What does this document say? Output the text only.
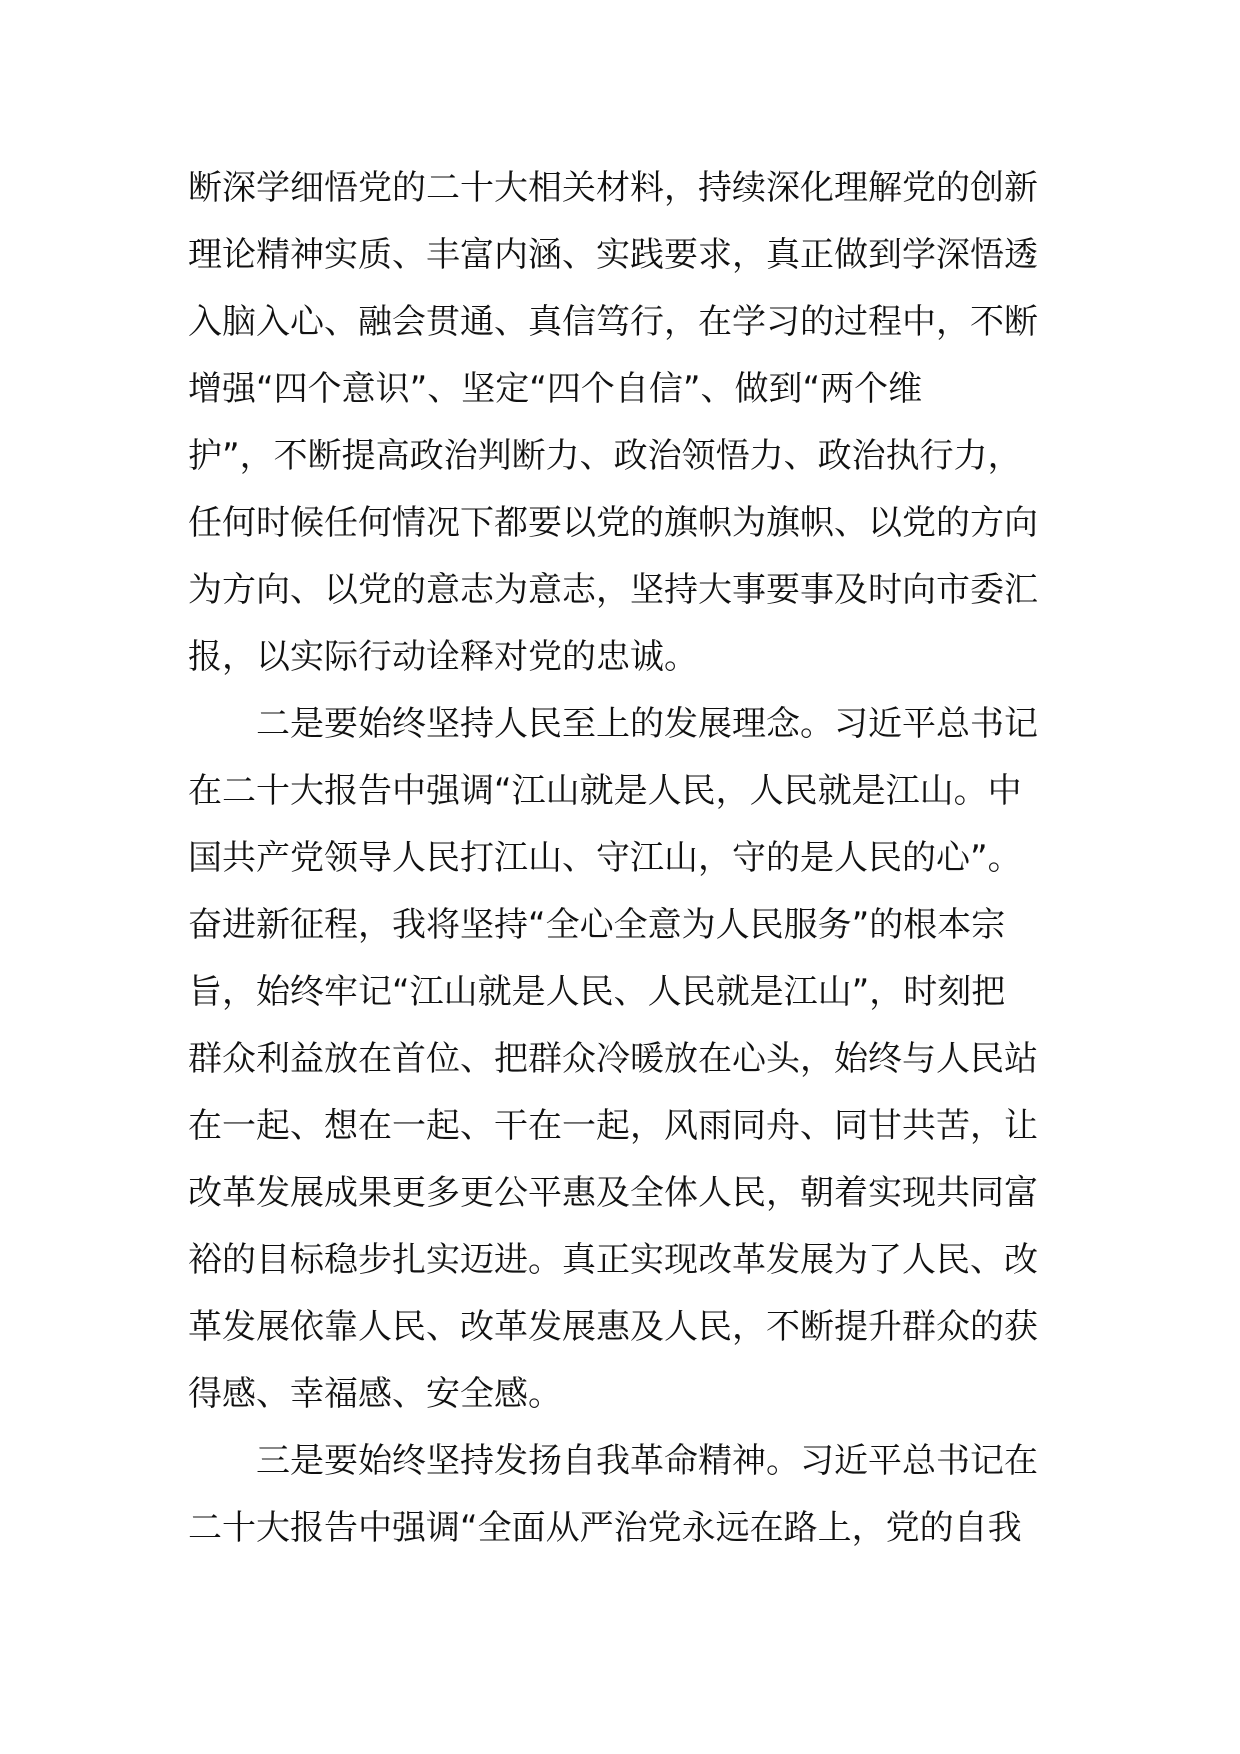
断深学细悟党的二十大相关材料，持续深化理解党的创新
理论精神实质、丰富内涵、实践要求，真正做到学深悟透
入脑入心、融会贯通、真信笃行，在学习的过程中，不断
增强“四个意识”、坚定“四个自信”、做到“两个维
护”，不断提高政治判断力、政治领悟力、政治执行力，
任何时候任何情况下都要以党的旗帜为旗帜、以党的方向
为方向、以党的意志为意志，坚持大事要事及时向市委汇
报，以实际行动诠释对党的忠诚。
二是要始终坚持人民至上的发展理念。习近平总书记
在二十大报告中强调“江山就是人民，人民就是江山。中
国共产党领导人民打江山、守江山，守的是人民的心”。
奋进新征程，我将坚持“全心全意为人民服务”的根本宗
旨，始终牢记“江山就是人民、人民就是江山”，时刻把
群众利益放在首位、把群众冷暖放在心头，始终与人民站
在一起、想在一起、干在一起，风雨同舟、同甘共苦，让
改革发展成果更多更公平惠及全体人民，朝着实现共同富
裕的目标稳步扎实迈进。真正实现改革发展为了人民、改
革发展依靠人民、改革发展惠及人民，不断提升群众的获
得感、幸福感、安全感。
三是要始终坚持发扬自我革命精神。习近平总书记在
二十大报告中强调“全面从严治党永远在路上，党的自我
